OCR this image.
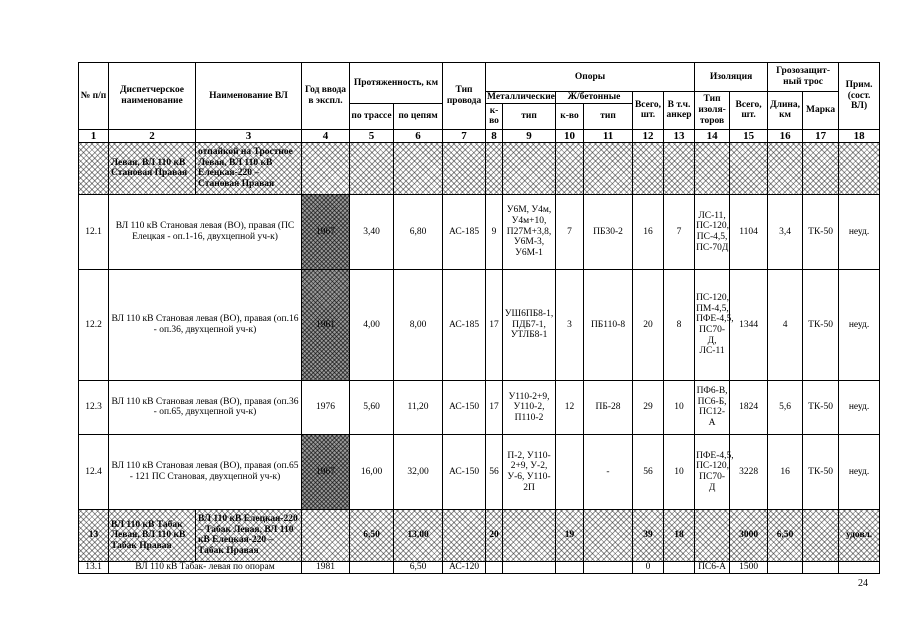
№ п/п	Диспетчерское наименование	Наименование ВЛ	Год ввода в экспл.	Протяженность, км		Тип провода	Опоры						Изоляция		Грозозащит-ный трос		Прим. (сост. ВЛ)
							Металлические		Ж/бетонные		Всего, шт.	В т.ч. анкер	Тип изоля-торов	Всего, шт.	Длина, км	Марка	
				по трассе	по цепям		к-во	тип	к-во	тип							
1	2	3	4	5	6	7	8	9	10	11	12	13	14	15	16	17	18
	Левая, ВЛ 110 кВ Становая Правая	отпайкой на Тростное Левая, ВЛ 110 кВ Елецкая-220 – Становая Правая															
12.1	ВЛ 110 кВ Становая левая (ВО), правая (ПС Елецкая - оп.1-16, двухцепной уч-к)		1967	3,40	6,80	АС-185	9	У6М, У4м, У4м+10, П27М+3,8, У6М-3, У6М-1	7	ПБ30-2	16	7	ЛС-11, ПС-120, ПС-4,5, ПС-70Д	1104	3,4	ТК-50	неуд.
12.2	ВЛ 110 кВ Становая левая (ВО), правая (оп.16 - оп.36, двухцепной уч-к)		1961	4,00	8,00	АС-185	17	УШ6ПБ8-1, ПДБ7-1, УТЛБ8-1	3	ПБ110-8	20	8	ПС-120, ПМ-4,5, ПФЕ-4,5, ПС70-Д, ЛС-11	1344	4	ТК-50	неуд.
12.3	ВЛ 110 кВ Становая левая (ВО), правая (оп.36 - оп.65, двухцепной уч-к)		1976	5,60	11,20	АС-150	17	У110-2+9, У110-2, П110-2	12	ПБ-28	29	10	ПФ6-В, ПС6-Б, ПС12-А	1824	5,6	ТК-50	неуд.
12.4	ВЛ 110 кВ Становая левая (ВО), правая (оп.65 - 121 ПС Становая, двухцепной уч-к)		1967	16,00	32,00	АС-150	56	П-2, У110-2+9, У-2, У-6, У110-2П		-	56	10	ПФЕ-4,5, ПС-120, ПС70-Д	3228	16	ТК-50	неуд.
13	ВЛ 110 кВ Табак Левая, ВЛ 110 кВ Табак Правая	ВЛ 110 кВ Елецкая-220 – Табак Левая, ВЛ 110 кВ Елецкая-220 – Табак Правая		6,50	13,00		20		19		39	18		3000	6,50		удовл.
13.1	ВЛ 110 кВ Табак- левая по опорам		1981		6,50	АС-120					0		ПС6-А	1500			
24
